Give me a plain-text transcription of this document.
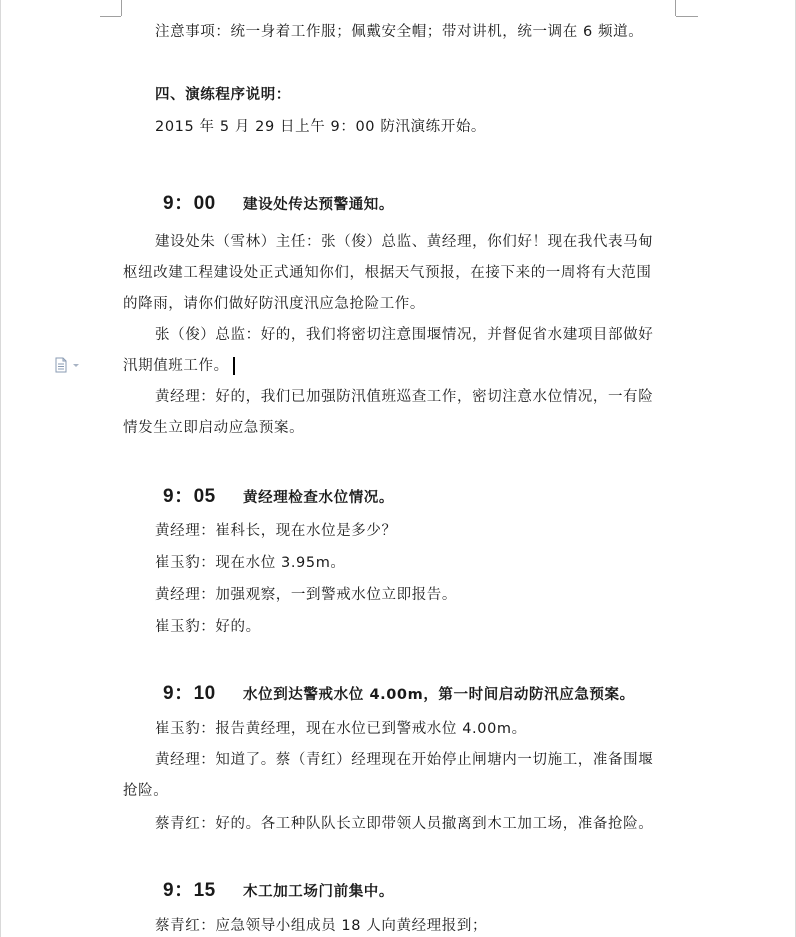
注意事项：统一身着工作服；佩戴安全帽；带对讲机，统一调在 6 频道。
四、演练程序说明：
2015 年 5 月 29 日上午 9：00 防汛演练开始。
9：00 建设处传达预警通知。
建设处朱（雪林）主任：张（俊）总监、黄经理，你们好！现在我代表马甸
枢纽改建工程建设处正式通知你们，根据天气预报，在接下来的一周将有大范围
的降雨，请你们做好防汛度汛应急抢险工作。
张（俊）总监：好的，我们将密切注意围堰情况，并督促省水建项目部做好
汛期值班工作。
黄经理：好的，我们已加强防汛值班巡查工作，密切注意水位情况，一有险
情发生立即启动应急预案。
9：05 黄经理检查水位情况。
黄经理：崔科长，现在水位是多少？
崔玉豹：现在水位 3.95m。
黄经理：加强观察，一到警戒水位立即报告。
崔玉豹：好的。
9：10 水位到达警戒水位 4.00m，第一时间启动防汛应急预案。
崔玉豹：报告黄经理，现在水位已到警戒水位 4.00m。
黄经理：知道了。蔡（青红）经理现在开始停止闸塘内一切施工，准备围堰
抢险。
蔡青红：好的。各工种队队长立即带领人员撤离到木工加工场，准备抢险。
9：15 木工加工场门前集中。
蔡青红：应急领导小组成员 18 人向黄经理报到；
